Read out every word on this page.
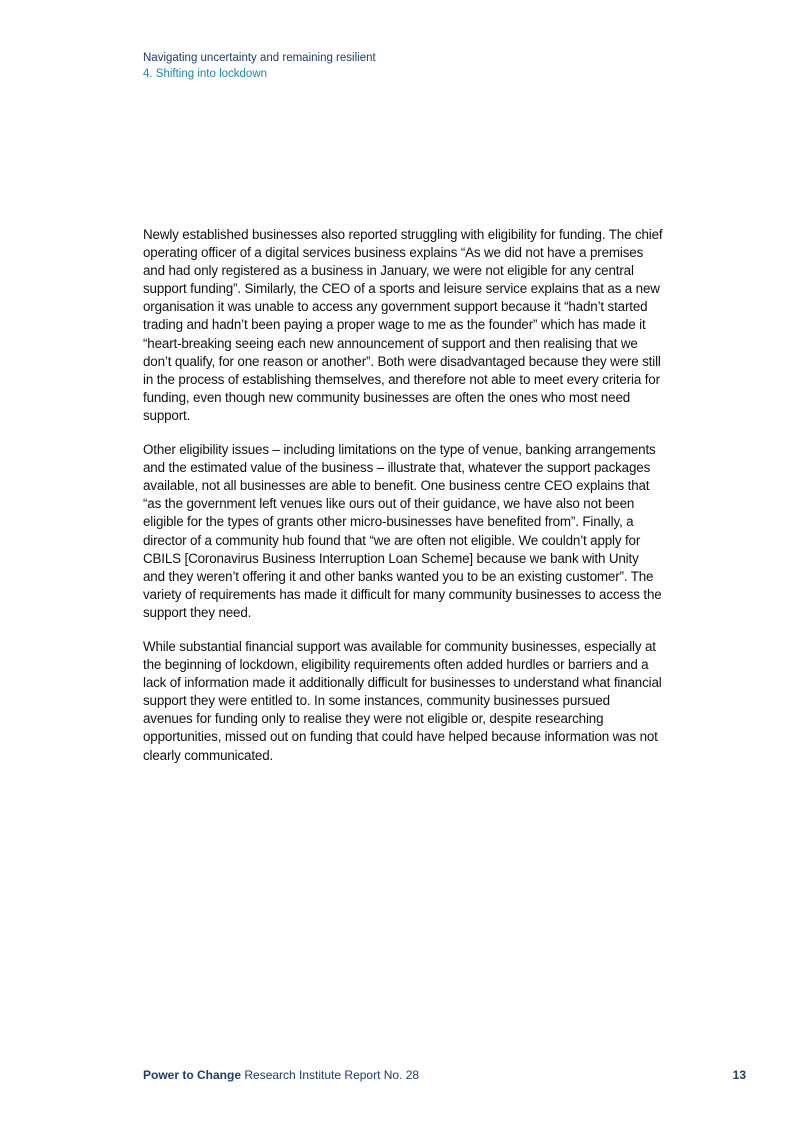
Navigating uncertainty and remaining resilient
4. Shifting into lockdown

Newly established businesses also reported struggling with eligibility for funding. The chief operating officer of a digital services business explains “As we did not have a premises and had only registered as a business in January, we were not eligible for any central support funding”. Similarly, the CEO of a sports and leisure service explains that as a new organisation it was unable to access any government support because it “hadn’t started trading and hadn’t been paying a proper wage to me as the founder” which has made it “heart-breaking seeing each new announcement of support and then realising that we don’t qualify, for one reason or another”. Both were disadvantaged because they were still in the process of establishing themselves, and therefore not able to meet every criteria for funding, even though new community businesses are often the ones who most need support.

Other eligibility issues – including limitations on the type of venue, banking arrangements and the estimated value of the business – illustrate that, whatever the support packages available, not all businesses are able to benefit. One business centre CEO explains that “as the government left venues like ours out of their guidance, we have also not been eligible for the types of grants other micro-businesses have benefited from”. Finally, a director of a community hub found that “we are often not eligible. We couldn’t apply for CBILS [Coronavirus Business Interruption Loan Scheme] because we bank with Unity and they weren’t offering it and other banks wanted you to be an existing customer”. The variety of requirements has made it difficult for many community businesses to access the support they need.

While substantial financial support was available for community businesses, especially at the beginning of lockdown, eligibility requirements often added hurdles or barriers and a lack of information made it additionally difficult for businesses to understand what financial support they were entitled to. In some instances, community businesses pursued avenues for funding only to realise they were not eligible or, despite researching opportunities, missed out on funding that could have helped because information was not clearly communicated.

Power to Change Research Institute Report No. 28	13
